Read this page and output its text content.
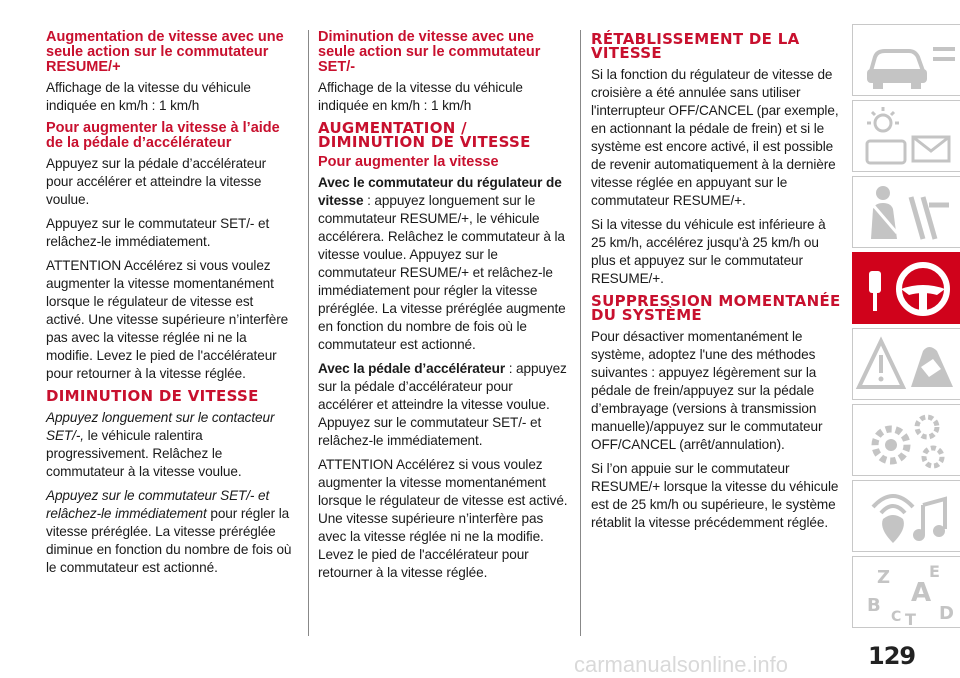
Augmentation de vitesse avec une seule action sur le commutateur RESUME/+
Affichage de la vitesse du véhicule indiquée en km/h : 1 km/h
Pour augmenter la vitesse à l’aide de la pédale d’accélérateur
Appuyez sur la pédale d’accélérateur pour accélérer et atteindre la vitesse voulue.
Appuyez sur le commutateur SET/- et relâchez-le immédiatement.
ATTENTION Accélérez si vous voulez augmenter la vitesse momentanément lorsque le régulateur de vitesse est activé. Une vitesse supérieure n’interfère pas avec la vitesse réglée ni ne la modifie. Levez le pied de l'accélérateur pour retourner à la vitesse réglée.
DIMINUTION DE VITESSE
Appuyez longuement sur le contacteur SET/-, le véhicule ralentira progressivement. Relâchez le commutateur à la vitesse voulue.
Appuyez sur le commutateur SET/- et relâchez-le immédiatement pour régler la vitesse préréglée. La vitesse préréglée diminue en fonction du nombre de fois où le commutateur est actionné.
Diminution de vitesse avec une seule action sur le commutateur SET/-
Affichage de la vitesse du véhicule indiquée en km/h : 1 km/h
AUGMENTATION / DIMINUTION DE VITESSE
Pour augmenter la vitesse
Avec le commutateur du régulateur de vitesse : appuyez longuement sur le commutateur RESUME/+, le véhicule accélérera. Relâchez le commutateur à la vitesse voulue. Appuyez sur le commutateur RESUME/+ et relâchez-le immédiatement pour régler la vitesse préréglée. La vitesse préréglée augmente en fonction du nombre de fois où le commutateur est actionné.
Avec la pédale d’accélérateur : appuyez sur la pédale d’accélérateur pour accélérer et atteindre la vitesse voulue. Appuyez sur le commutateur SET/- et relâchez-le immédiatement.
ATTENTION Accélérez si vous voulez augmenter la vitesse momentanément lorsque le régulateur de vitesse est activé. Une vitesse supérieure n’interfère pas avec la vitesse réglée ni ne la modifie. Levez le pied de l'accélérateur pour retourner à la vitesse réglée.
RÉTABLISSEMENT DE LA VITESSE
Si la fonction du régulateur de vitesse de croisière a été annulée sans utiliser l'interrupteur OFF/CANCEL (par exemple, en actionnant la pédale de frein) et si le système est encore activé, il est possible de revenir automatiquement à la dernière vitesse réglée en appuyant sur le commutateur RESUME/+.
Si la vitesse du véhicule est inférieure à 25 km/h, accélérez jusqu'à 25 km/h ou plus et appuyez sur le commutateur RESUME/+.
SUPPRESSION MOMENTANÉE DU SYSTÈME
Pour désactiver momentanément le système, adoptez l'une des méthodes suivantes : appuyez légèrement sur la pédale de frein/appuyez sur la pédale d’embrayage (versions à transmission manuelle)/appuyez sur le commutateur OFF/CANCEL (arrêt/annulation).
Si l’on appuie sur le commutateur RESUME/+ lorsque la vitesse du véhicule est de 25 km/h ou supérieure, le système rétablit la vitesse précédemment réglée.
Z E
B A
C T D
129
carmanualsonline.info
